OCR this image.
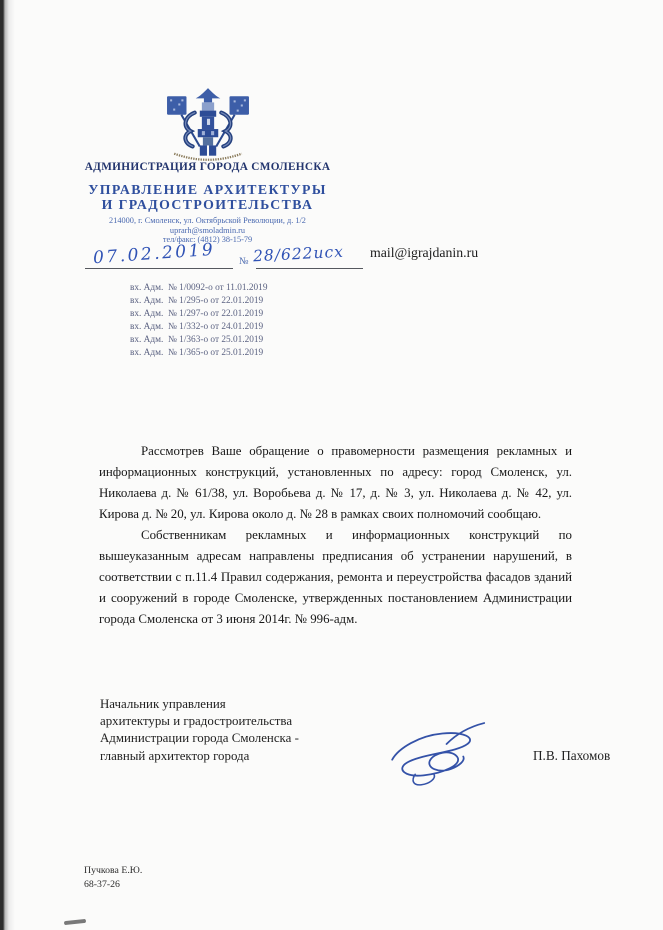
АДМИНИСТРАЦИЯ ГОРОДА СМОЛЕНСКА
УПРАВЛЕНИЕ АРХИТЕКТУРЫ
И ГРАДОСТРОИТЕЛЬСТВА
214000, г. Смоленск, ул. Октябрьской Революции, д. 1/2
uprarh@smoladmin.ru
тел/факс: (4812) 38-15-79
07.02.2019 № 28/622исх mail@igrajdanin.ru
вх. Адм.  № 1/0092-о от 11.01.2019
вх. Адм.  № 1/295-о от 22.01.2019
вх. Адм.  № 1/297-о от 22.01.2019
вх. Адм.  № 1/332-о от 24.01.2019
вх. Адм.  № 1/363-о от 25.01.2019
вх. Адм.  № 1/365-о от 25.01.2019

Рассмотрев Ваше обращение о правомерности размещения рекламных и информационных конструкций, установленных по адресу: город Смоленск, ул. Николаева д. № 61/38, ул. Воробьева д. № 17, д. № 3, ул. Николаева д. № 42, ул. Кирова д. № 20, ул. Кирова около д. № 28 в рамках своих полномочий сообщаю.

Собственникам рекламных и информационных конструкций по вышеуказанным адресам направлены предписания об устранении нарушений, в соответствии с п.11.4 Правил содержания, ремонта и переустройства фасадов зданий и сооружений в городе Смоленске, утвержденных постановлением Администрации города Смоленска от 3 июня 2014г. № 996-адм.

Начальник управления
архитектуры и градостроительства
Администрации города Смоленска -
главный архитектор города	П.В. Пахомов
Пучкова Е.Ю.
68-37-26
